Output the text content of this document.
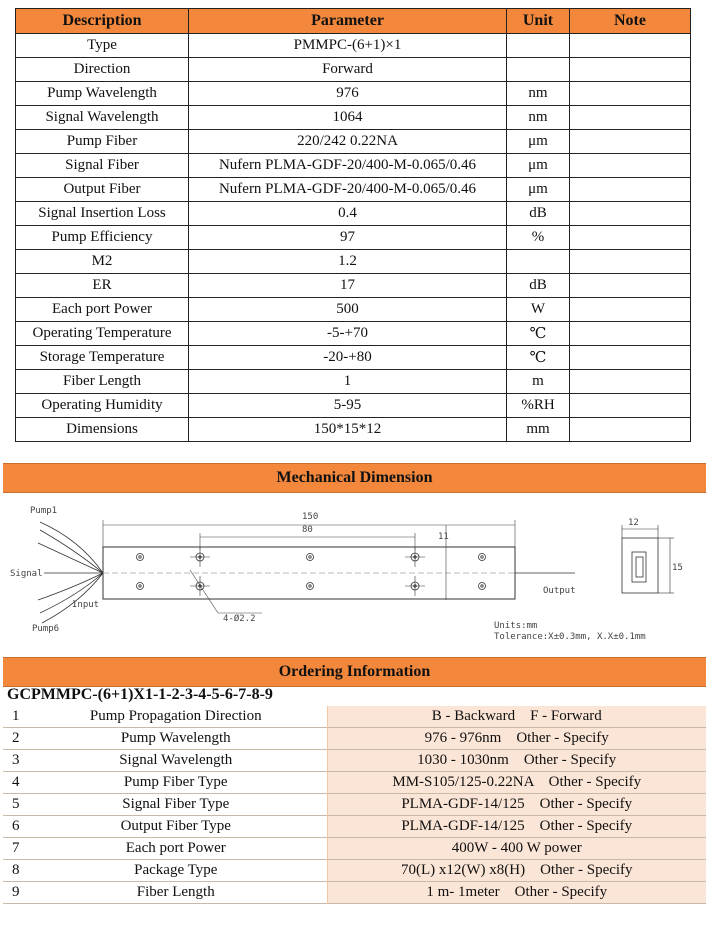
Description	Parameter	Unit	Note
Type	PMMPC-(6+1)×1		
Direction	Forward		
Pump Wavelength	976	nm	
Signal Wavelength	1064	nm	
Pump Fiber	220/242 0.22NA	μm	
Signal Fiber	Nufern PLMA-GDF-20/400-M-0.065/0.46	μm	
Output Fiber	Nufern PLMA-GDF-20/400-M-0.065/0.46	μm	
Signal Insertion Loss	0.4	dB	
Pump Efficiency	97	%	
M2	1.2		
ER	17	dB	
Each port Power	500	W	
Operating Temperature	-5-+70	℃	
Storage Temperature	-20-+80	℃	
Fiber Length	1	m	
Operating Humidity	5-95	%RH	
Dimensions	150*15*12	mm	
Mechanical Dimension
Pump1
Signal
Input
Pump6
Output
150
80
11
4-Ø2.2
Units:mm
Tolerance:X±0.3mm, X.X±0.1mm
12
15
Ordering Information
GCPMMPC-(6+1)X1-1-2-3-4-5-6-7-8-9
1	Pump Propagation Direction	B - Backward    F - Forward
2	Pump Wavelength	976 - 976nm    Other - Specify
3	Signal Wavelength	1030 - 1030nm    Other - Specify
4	Pump Fiber Type	MM-S105/125-0.22NA    Other - Specify
5	Signal Fiber Type	PLMA-GDF-14/125    Other - Specify
6	Output Fiber Type	PLMA-GDF-14/125    Other - Specify
7	Each port Power	400W - 400 W power
8	Package Type	70(L) x12(W) x8(H)    Other - Specify
9	Fiber Length	1 m- 1meter    Other - Specify
